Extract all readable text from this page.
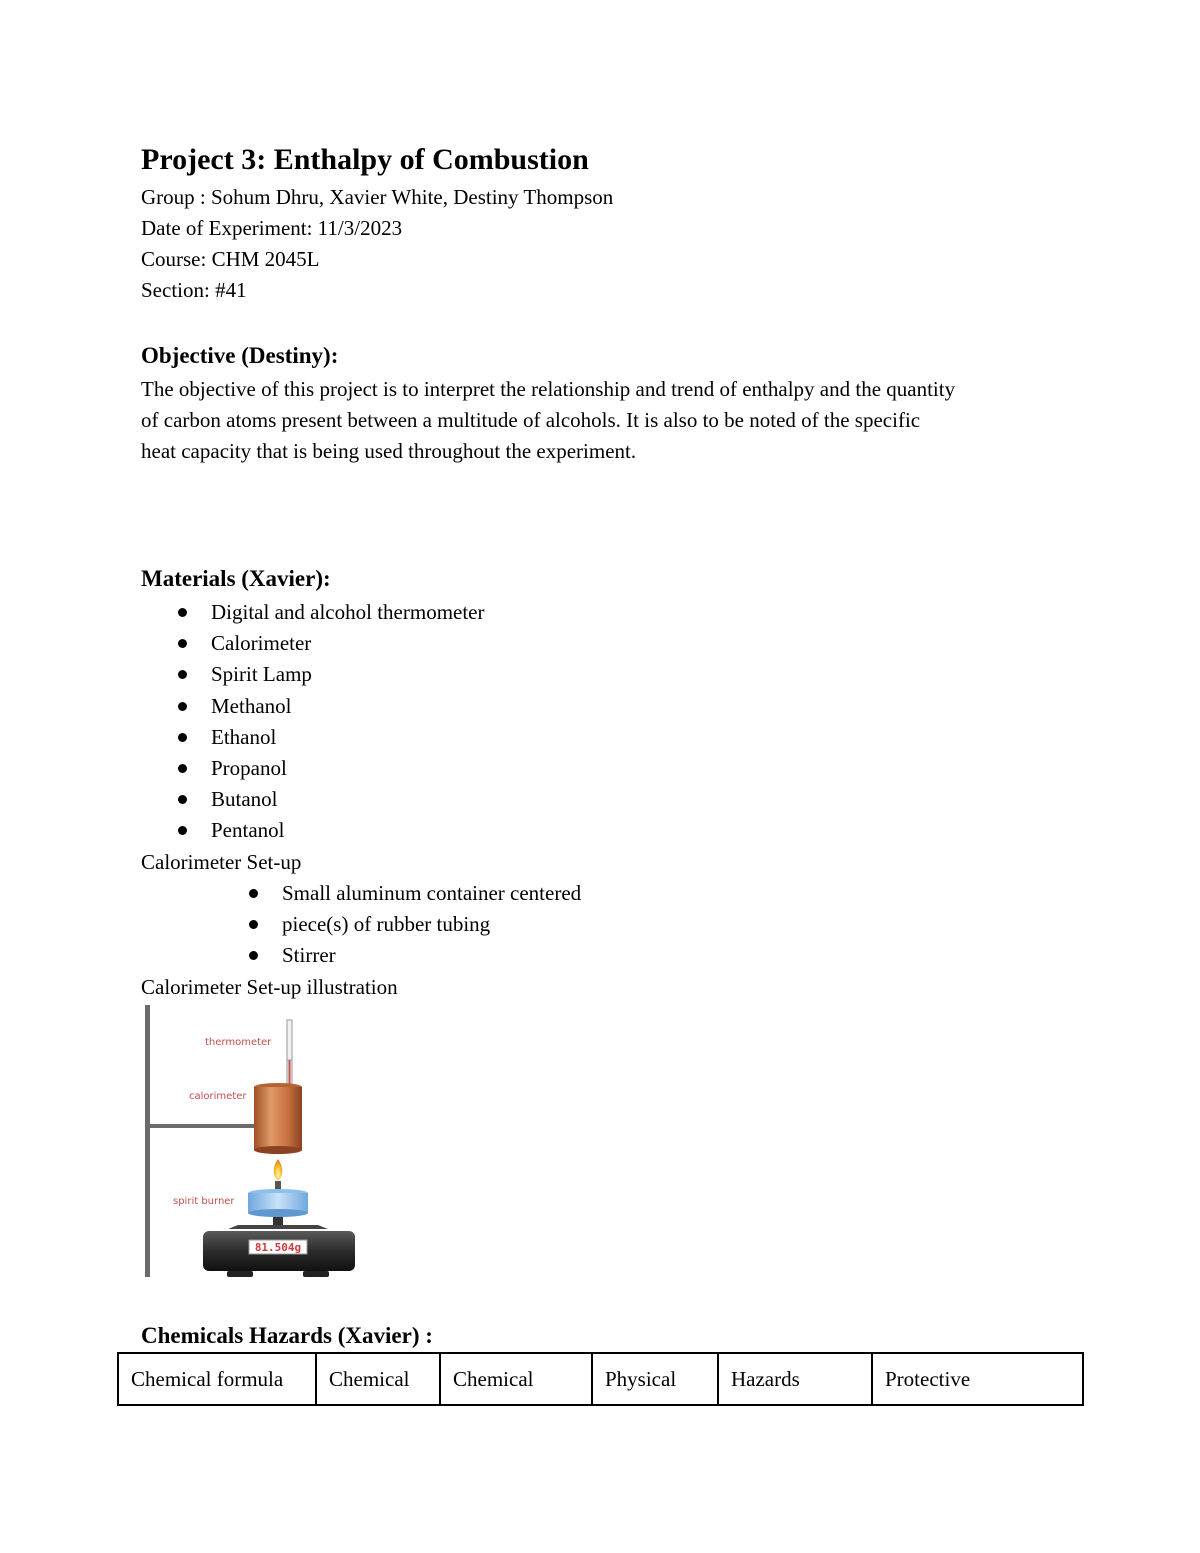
Project 3: Enthalpy of Combustion
Group : Sohum Dhru, Xavier White, Destiny Thompson
Date of Experiment: 11/3/2023
Course: CHM 2045L
Section: #41
Objective (Destiny):

The objective of this project is to interpret the relationship and trend of enthalpy and the quantity

of carbon atoms present between a multitude of alcohols. It is also to be noted of the specific

heat capacity that is being used throughout the experiment.

Materials (Xavier):
Digital and alcohol thermometer
Calorimeter
Spirit Lamp
Methanol
Ethanol
Propanol
Butanol
Pentanol
Calorimeter Set-up
Small aluminum container centered
piece(s) of rubber tubing
Stirrer
Calorimeter Set-up illustration
thermometer
calorimeter
spirit burner
81.504g
Chemicals Hazards (Xavier) :
Chemical formula	Chemical	Chemical	Physical	Hazards	Protective
